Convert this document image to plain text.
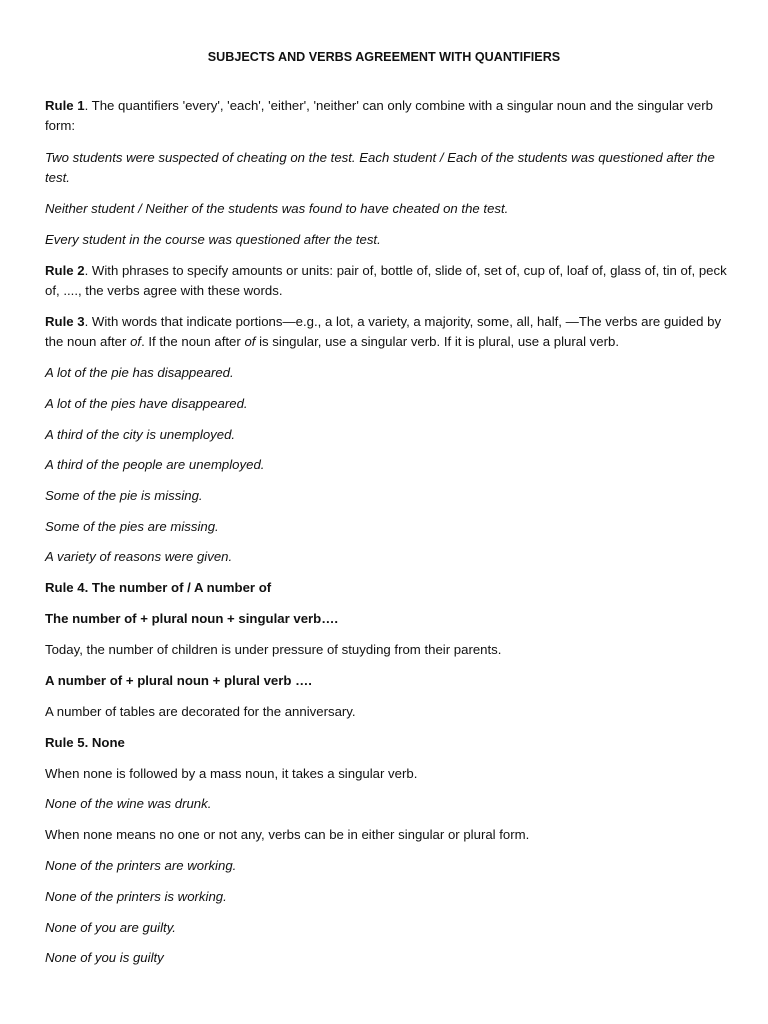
SUBJECTS AND VERBS AGREEMENT WITH QUANTIFIERS

Rule 1. The quantifiers 'every', 'each', 'either', 'neither' can only combine with a singular noun and the singular verb form:

Two students were suspected of cheating on the test. Each student / Each of the students was questioned after the test.

Neither student / Neither of the students was found to have cheated on the test.

Every student in the course was questioned after the test.

Rule 2. With phrases to specify amounts or units: pair of, bottle of, slide of, set of, cup of, loaf of, glass of, tin of, peck of, ...., the verbs agree with these words.

Rule 3. With words that indicate portions—e.g., a lot, a variety, a majority, some, all, half, —The verbs are guided by the noun after of. If the noun after of is singular, use a singular verb. If it is plural, use a plural verb.

A lot of the pie has disappeared.

A lot of the pies have disappeared.

A third of the city is unemployed.

A third of the people are unemployed.

Some of the pie is missing.

Some of the pies are missing.

A variety of reasons were given.

Rule 4. The number of / A number of

The number of + plural noun + singular verb….

Today, the number of children is under pressure of stuyding from their parents.

A number of + plural noun + plural verb ….

A number of tables are decorated for the anniversary.

Rule 5. None

When none is followed by a mass noun, it takes a singular verb.

None of the wine was drunk.

When none means no one or not any, verbs can be in either singular or plural form.

None of the printers are working.

None of the printers is working.

None of you are guilty.

None of you is guilty
